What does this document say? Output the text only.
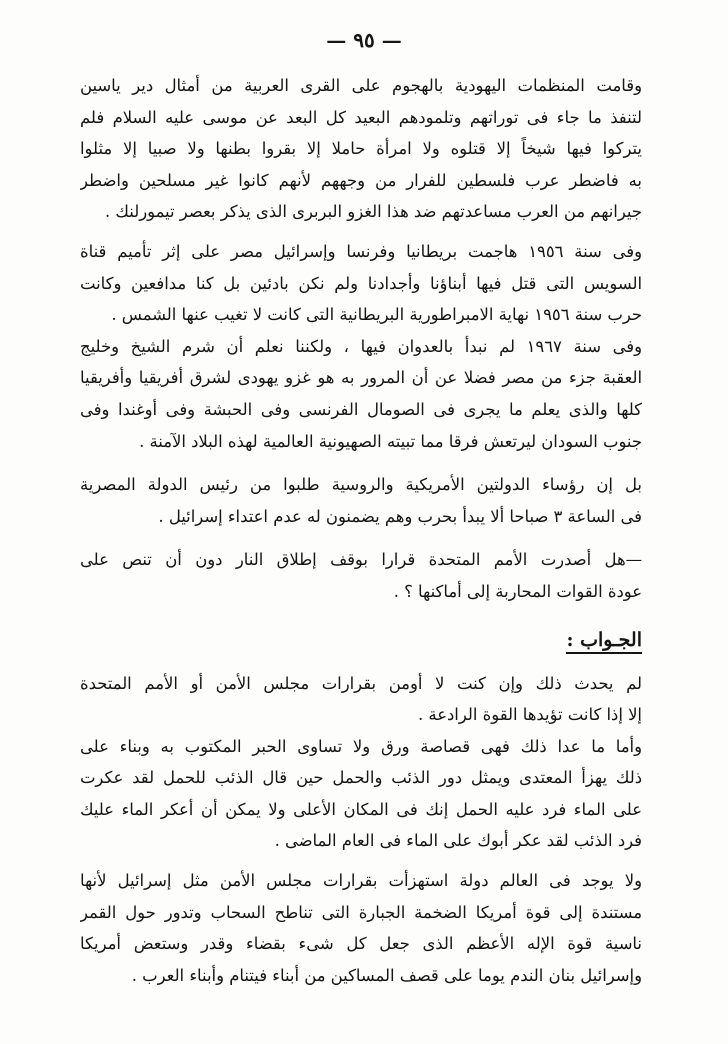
— ٩٥ —
وقامت المنظمات اليهودية بالهجوم على القرى العربية من أمثال دير ياسين
لتنفذ ما جاء فى توراتهم وتلمودهم البعيد كل البعد عن موسى عليه السلام فلم
يتركوا فيها شيخاً إلا قتلوه ولا امرأة حاملا إلا بقروا بطنها ولا صبيا إلا مثلوا
به فاضطر عرب فلسطين للفرار من وجههم لأنهم كانوا غير مسلحين واضطر
جيرانهم من العرب مساعدتهم ضد هذا الغزو البربرى الذى يذكر بعصر تيمورلنك .
وفى سنة ١٩٥٦ هاجمت بريطانيا وفرنسا وإسرائيل مصر على إثر تأميم قناة
السويس التى قتل فيها أبناؤنا وأجدادنا ولم نكن بادئين بل كنا مدافعين وكانت
حرب سنة ١٩٥٦ نهاية الامبراطورية البريطانية التى كانت لا تغيب عنها الشمس .
وفى سنة ١٩٦٧ لم نبدأ بالعدوان فيها ، ولكننا نعلم أن شرم الشيخ وخليج
العقبة جزء من مصر فضلا عن أن المرور به هو غزو يهودى لشرق أفريقيا وأفريقيا
كلها والذى يعلم ما يجرى فى الصومال الفرنسى وفى الحبشة وفى أوغندا وفى
جنوب السودان ليرتعش فرقا مما تبيته الصهيونية العالمية لهذه البلاد الآمنة .
بل إن رؤساء الدولتين الأمريكية والروسية طلبوا من رئيس الدولة المصرية
فى الساعة ٣ صباحا ألا يبدأ بحرب وهم يضمنون له عدم اعتداء إسرائيل .
—هل أصدرت الأمم المتحدة قرارا بوقف إطلاق النار دون أن تنص على
عودة القوات المحاربة إلى أماكنها ؟ .
الجـواب :
لم يحدث ذلك وإن كنت لا أومن بقرارات مجلس الأمن أو الأمم المتحدة
إلا إذا كانت تؤيدها القوة الرادعة .
وأما ما عدا ذلك فهى قصاصة ورق ولا تساوى الحبر المكتوب به وبناء على
ذلك يهزأ المعتدى ويمثل دور الذئب والحمل حين قال الذئب للحمل لقد عكرت
على الماء فرد عليه الحمل إنك فى المكان الأعلى ولا يمكن أن أعكر الماء عليك
فرد الذئب لقد عكر أبوك على الماء فى العام الماضى .
ولا يوجد فى العالم دولة استهزأت بقرارات مجلس الأمن مثل إسرائيل لأنها
مستندة إلى قوة أمريكا الضخمة الجبارة التى تناطح السحاب وتدور حول القمر
ناسية قوة الإله الأعظم الذى جعل كل شىء بقضاء وقدر وستعض أمريكا
وإسرائيل بنان الندم يوما على قصف المساكين من أبناء فيتنام وأبناء العرب .
